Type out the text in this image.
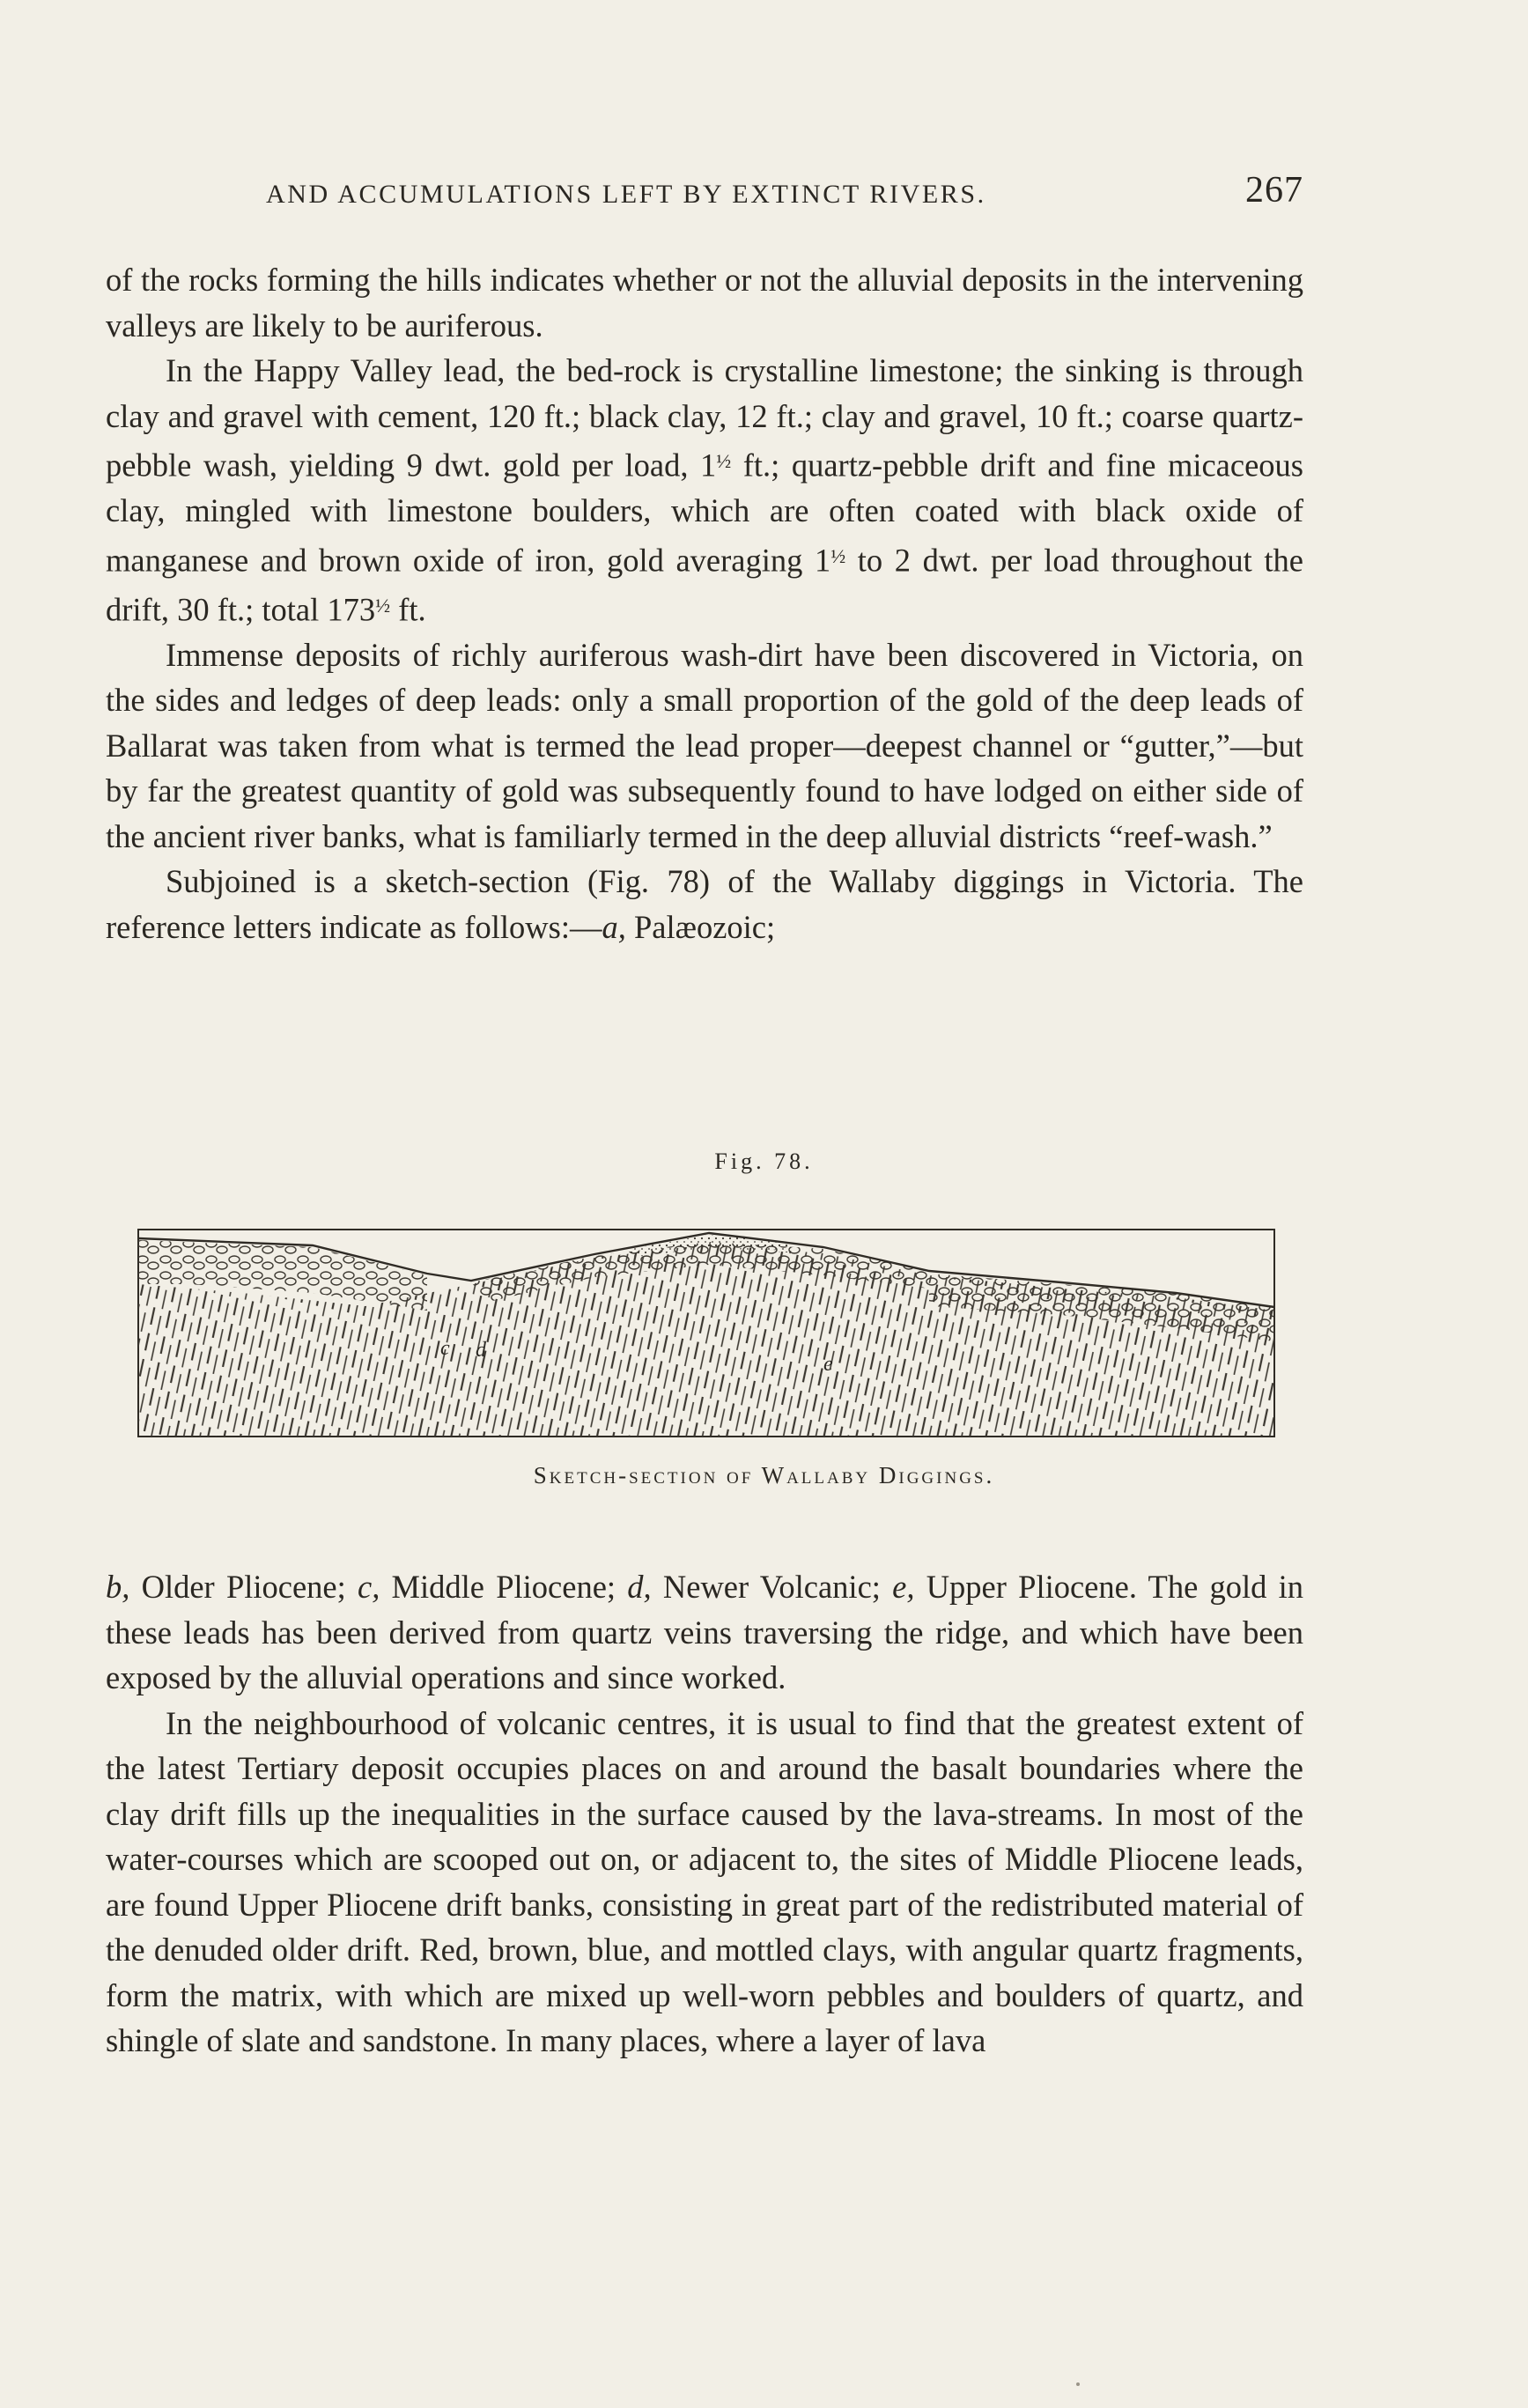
AND ACCUMULATIONS LEFT BY EXTINCT RIVERS.	267

of the rocks forming the hills indicates whether or not the alluvial deposits in the intervening valleys are likely to be auriferous.

In the Happy Valley lead, the bed-rock is crystalline limestone; the sinking is through clay and gravel with cement, 120 ft.; black clay, 12 ft.; clay and gravel, 10 ft.; coarse quartz-pebble wash, yielding 9 dwt. gold per load, $1^{\frac{1}{2}}$ ft.; quartz-pebble drift and fine micaceous clay, mingled with limestone boulders, which are often coated with black oxide of manganese and brown oxide of iron, gold averaging $1^{\frac{1}{2}}$ to 2 dwt. per load throughout the drift, 30 ft.; total $173^{\frac{1}{2}}$ ft.

Immense deposits of richly auriferous wash-dirt have been discovered in Victoria, on the sides and ledges of deep leads: only a small proportion of the gold of the deep leads of Ballarat was taken from what is termed the lead proper—deepest channel or “gutter,”—but by far the greatest quantity of gold was subsequently found to have lodged on either side of the ancient river banks, what is familiarly termed in the deep alluvial districts “reef-wash.”

Subjoined is a sketch-section (Fig. 78) of the Wallaby diggings in Victoria. The reference letters indicate as follows:—a, Palæozoic;

Fig. 78.
c d
e
Sketch-section of Wallaby Diggings.

b, Older Pliocene; c, Middle Pliocene; d, Newer Volcanic; e, Upper Pliocene. The gold in these leads has been derived from quartz veins traversing the ridge, and which have been exposed by the alluvial operations and since worked.

In the neighbourhood of volcanic centres, it is usual to find that the greatest extent of the latest Tertiary deposit occupies places on and around the basalt boundaries where the clay drift fills up the inequalities in the surface caused by the lava-streams. In most of the water-courses which are scooped out on, or adjacent to, the sites of Middle Pliocene leads, are found Upper Pliocene drift banks, consisting in great part of the redistributed material of the denuded older drift. Red, brown, blue, and mottled clays, with angular quartz fragments, form the matrix, with which are mixed up well-worn pebbles and boulders of quartz, and shingle of slate and sandstone. In many places, where a layer of lava
